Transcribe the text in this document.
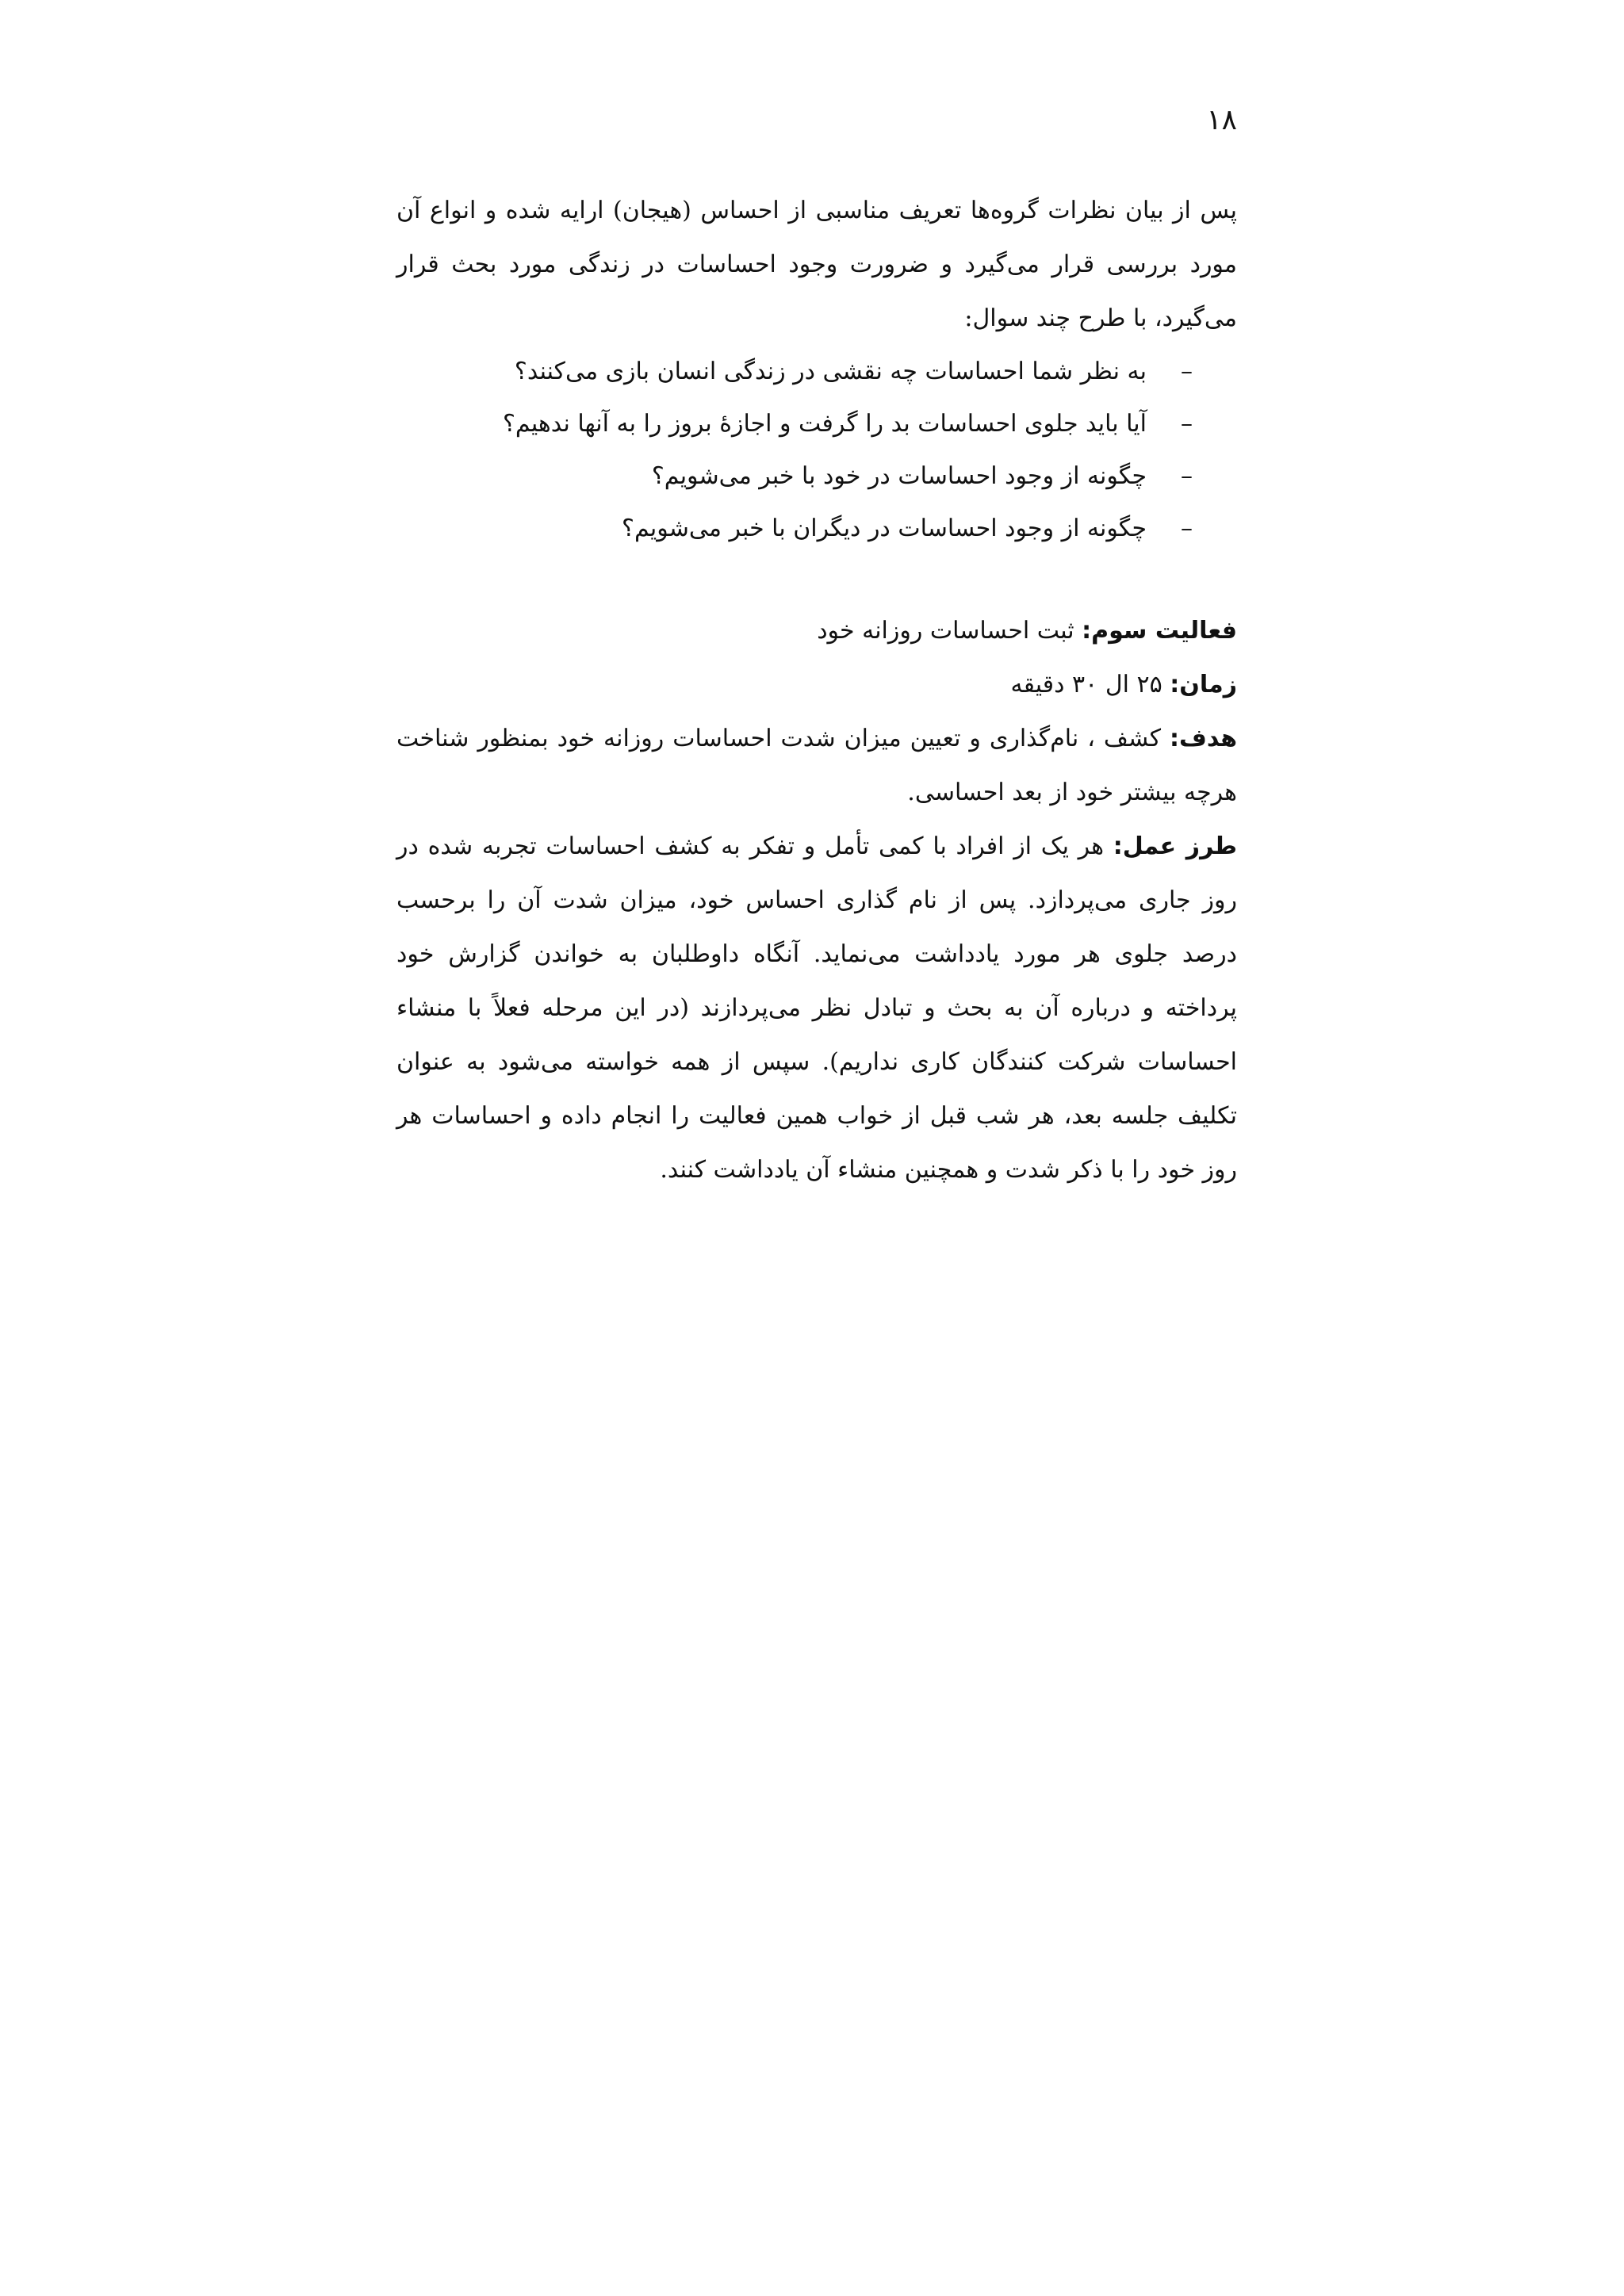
۱۸

پس از بیان نظرات گروه‌ها تعریف مناسبی از احساس (هیجان) ارایه شده و انواع آن مورد بررسی قرار می‌گیرد و ضرورت وجود احساسات در زندگی مورد بحث قرار می‌گیرد، با طرح چند سوال:

–
به نظر شما احساسات چه نقشی در زندگی انسان بازی می‌کنند؟
–
آیا باید جلوی احساسات بد را گرفت و اجازهٔ بروز را به آنها ندهیم؟
–
چگونه از وجود احساسات در خود با خبر می‌شویم؟
–
چگونه از وجود احساسات در دیگران با خبر می‌شویم؟

فعالیت سوم: ثبت احساسات روزانه خود

زمان: ۲۵ ال ۳۰ دقیقه

هدف: کشف ، نام‌گذاری و تعیین میزان شدت احساسات روزانه خود بمنظور شناخت هرچه بیشتر خود از بعد احساسی.

طرز عمل: هر یک از افراد با کمی تأمل و تفکر به کشف احساسات تجربه شده در روز جاری می‌پردازد. پس از نام گذاری احساس خود، میزان شدت آن را برحسب درصد جلوی هر مورد یادداشت می‌نماید. آنگاه داوطلبان به خواندن گزارش خود پرداخته و درباره آن به بحث و تبادل نظر می‌پردازند (در این مرحله فعلاً با منشاء احساسات شرکت کنندگان کاری نداریم). سپس از همه خواسته می‌شود به عنوان تکلیف جلسه بعد، هر شب قبل از خواب همین فعالیت را انجام داده و احساسات هر روز خود را با ذکر شدت و همچنین منشاء آن یادداشت کنند.
